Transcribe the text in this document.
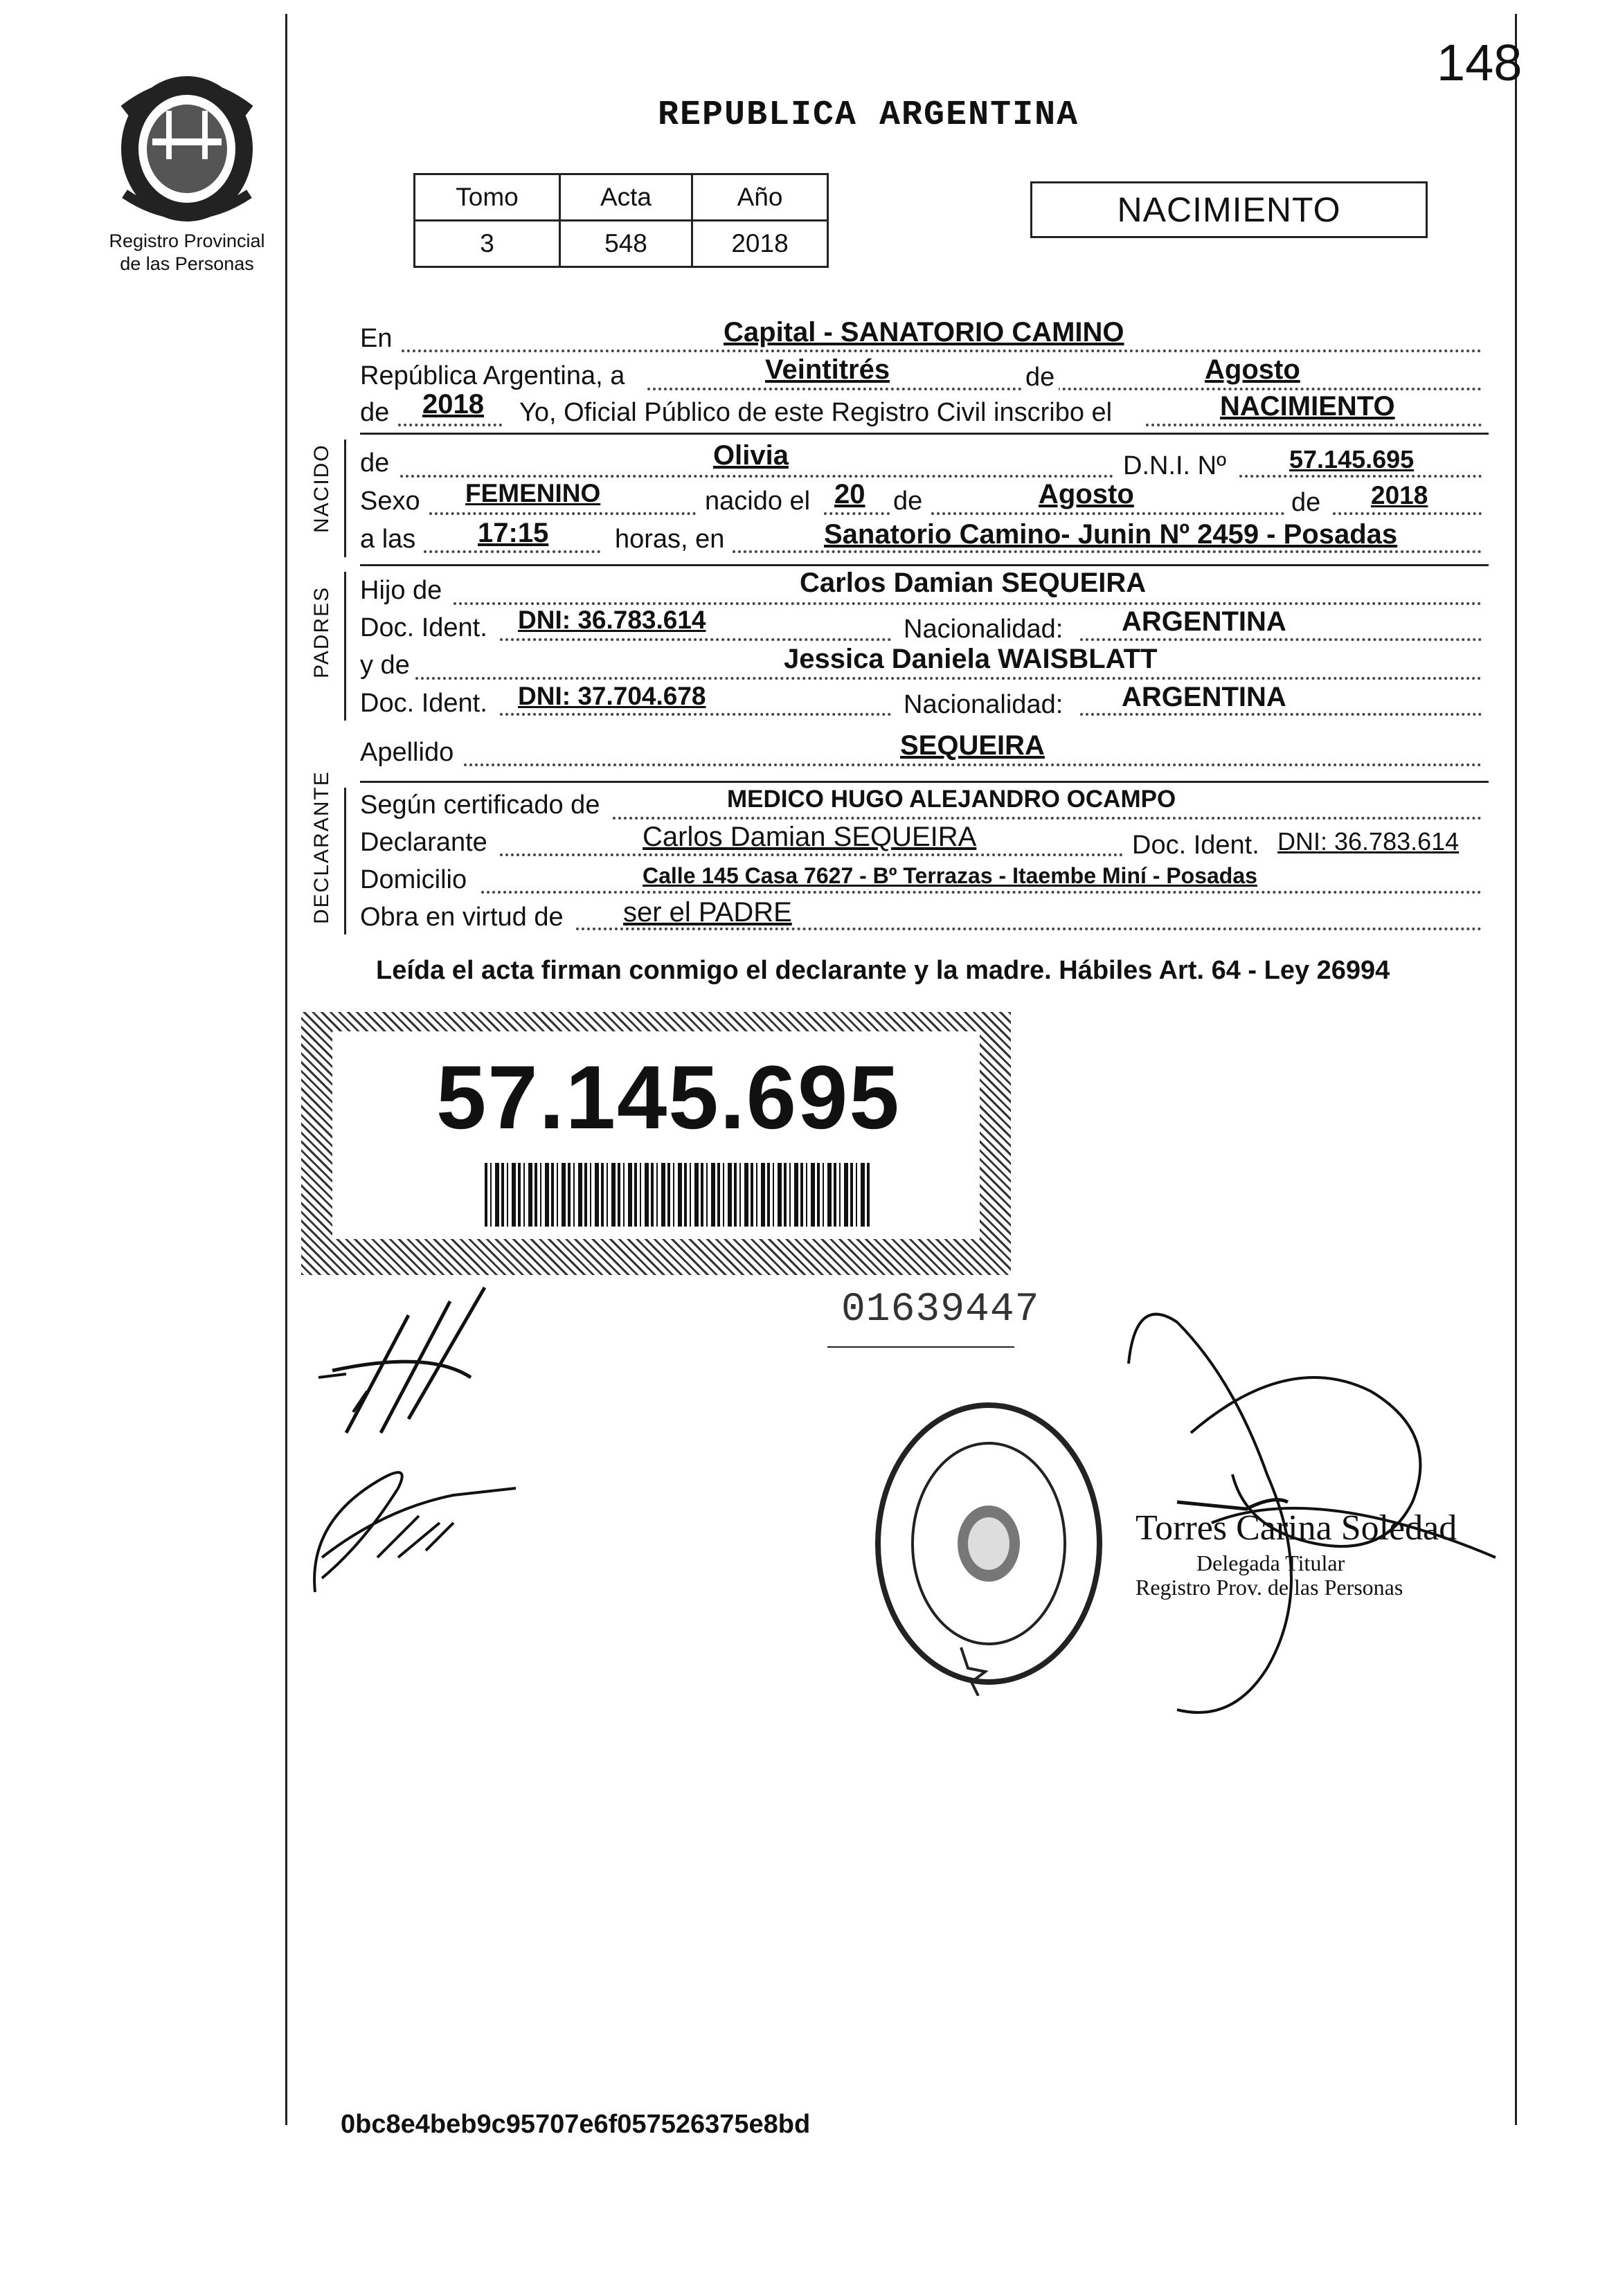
148
Registro Provincial
de las Personas
REPUBLICA ARGENTINA
Tomo	Acta	Año
3	548	2018
NACIMIENTO
NACIDO
PADRES
DECLARANTE
En	Capital - SANATORIO CAMINO
República Argentina, a	Veintitrés	de	Agosto
de 2018 Yo, Oficial Público de este Registro Civil inscribo el	NACIMIENTO
de	Olivia	D.N.I. Nº	57.145.695
Sexo FEMENINO	nacido el 20 de	Agosto	de 2018
a las 17:15	horas, en	Sanatorio Camino- Junin Nº 2459 - Posadas
Hijo de	Carlos Damian SEQUEIRA
Doc. Ident. DNI: 36.783.614	Nacionalidad: ARGENTINA
y de	Jessica Daniela WAISBLATT
Doc. Ident. DNI: 37.704.678	Nacionalidad: ARGENTINA
Apellido	SEQUEIRA
Según certificado de	MEDICO HUGO ALEJANDRO OCAMPO
Declarante	Carlos Damian SEQUEIRA	Doc. Ident. DNI: 36.783.614
Domicilio	Calle 145 Casa 7627 - Bº Terrazas - Itaembe Miní - Posadas
Obra en virtud de ser el PADRE
Leída el acta firman conmigo el declarante y la madre. Hábiles Art. 64 - Ley 26994
57.145.695
01639447
Torres Carina Soledad
Delegada Titular
Registro Prov. de las Personas
0bc8e4beb9c95707e6f057526375e8bd
